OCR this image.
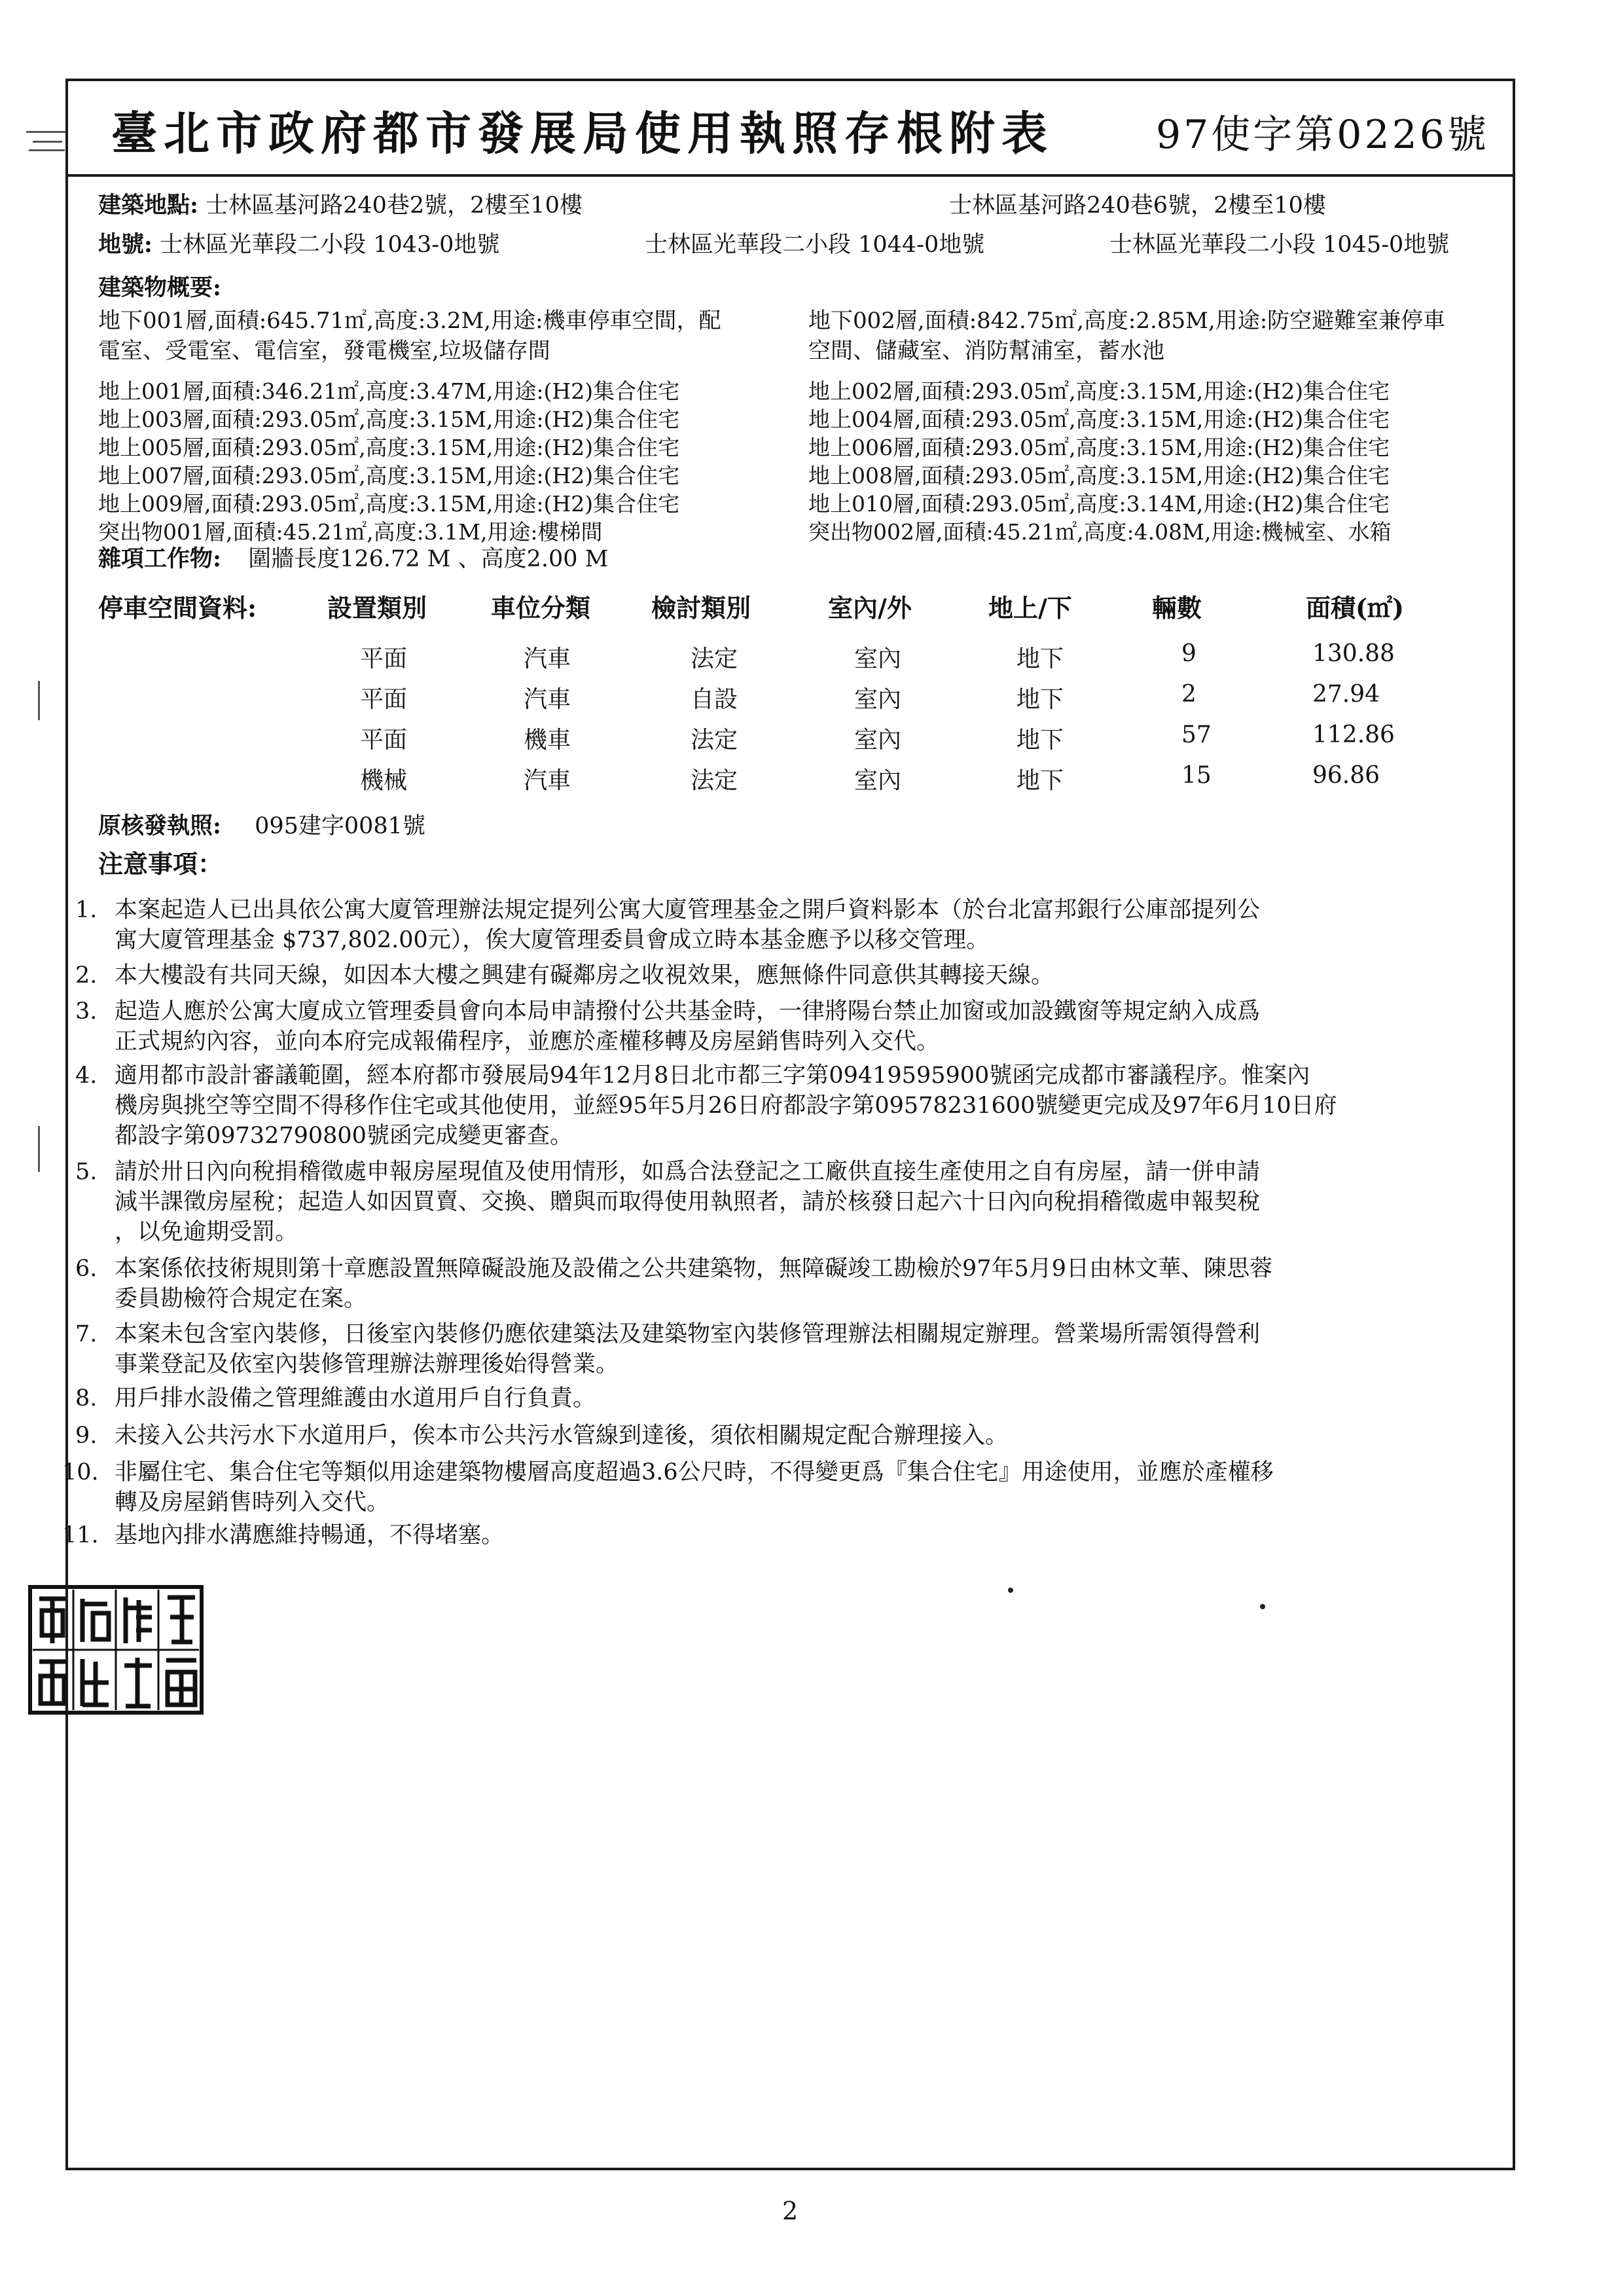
臺北市政府都市發展局使用執照存根附表	97使字第0226號
建築地點: 士林區基河路240巷2號，2樓至10樓	士林區基河路240巷6號，2樓至10樓
地號: 士林區光華段二小段 1043-0地號	士林區光華段二小段 1044-0地號	士林區光華段二小段 1045-0地號
建築物概要:
地下001層,面積:645.71㎡,高度:3.2M,用途:機車停車空間，配
電室、受電室、電信室，發電機室,垃圾儲存間
地下002層,面積:842.75㎡,高度:2.85M,用途:防空避難室兼停車
空間、儲藏室、消防幫浦室，蓄水池
地上001層,面積:346.21㎡,高度:3.47M,用途:(H2)集合住宅
地上003層,面積:293.05㎡,高度:3.15M,用途:(H2)集合住宅
地上005層,面積:293.05㎡,高度:3.15M,用途:(H2)集合住宅
地上007層,面積:293.05㎡,高度:3.15M,用途:(H2)集合住宅
地上009層,面積:293.05㎡,高度:3.15M,用途:(H2)集合住宅
突出物001層,面積:45.21㎡,高度:3.1M,用途:樓梯間
地上002層,面積:293.05㎡,高度:3.15M,用途:(H2)集合住宅
地上004層,面積:293.05㎡,高度:3.15M,用途:(H2)集合住宅
地上006層,面積:293.05㎡,高度:3.15M,用途:(H2)集合住宅
地上008層,面積:293.05㎡,高度:3.15M,用途:(H2)集合住宅
地上010層,面積:293.05㎡,高度:3.14M,用途:(H2)集合住宅
突出物002層,面積:45.21㎡,高度:4.08M,用途:機械室、水箱
雜項工作物: 圍牆長度126.72 M 、高度2.00 M
停車空間資料:	設置類別	車位分類 檢討類別	室內/外	地上/下	輛數	面積(㎡)
平面	汽車	法定	室內	地下	9	130.88
平面	汽車	自設	室內	地下	2	27.94
平面	機車	法定	室內	地下	57	112.86
機械	汽車	法定	室內	地下	15	96.86
原核發執照: 095建字0081號
注意事項：
1. 本案起造人已出具依公寓大廈管理辦法規定提列公寓大廈管理基金之開戶資料影本（於台北富邦銀行公庫部提列公
寓大廈管理基金 $737,802.00元），俟大廈管理委員會成立時本基金應予以移交管理。
2. 本大樓設有共同天線，如因本大樓之興建有礙鄰房之收視效果，應無條件同意供其轉接天線。
3. 起造人應於公寓大廈成立管理委員會向本局申請撥付公共基金時，一律將陽台禁止加窗或加設鐵窗等規定納入成爲
正式規約內容，並向本府完成報備程序，並應於產權移轉及房屋銷售時列入交代。
4. 適用都市設計審議範圍，經本府都市發展局94年12月8日北市都三字第09419595900號函完成都市審議程序。惟案內
機房與挑空等空間不得移作住宅或其他使用，並經95年5月26日府都設字第09578231600號變更完成及97年6月10日府
都設字第09732790800號函完成變更審查。
5. 請於卅日內向稅捐稽徵處申報房屋現值及使用情形，如爲合法登記之工廠供直接生產使用之自有房屋，請一併申請
減半課徵房屋稅；起造人如因買賣、交換、贈與而取得使用執照者，請於核發日起六十日內向稅捐稽徵處申報契稅
，以免逾期受罰。
6. 本案係依技術規則第十章應設置無障礙設施及設備之公共建築物，無障礙竣工勘檢於97年5月9日由林文華、陳思蓉
委員勘檢符合規定在案。
7. 本案未包含室內裝修，日後室內裝修仍應依建築法及建築物室內裝修管理辦法相關規定辦理。營業場所需領得營利
事業登記及依室內裝修管理辦法辦理後始得營業。
8. 用戶排水設備之管理維護由水道用戶自行負責。
9. 未接入公共污水下水道用戶，俟本市公共污水管線到達後，須依相關規定配合辦理接入。
10. 非屬住宅、集合住宅等類似用途建築物樓層高度超過3.6公尺時，不得變更爲『集合住宅』用途使用，並應於產權移
轉及房屋銷售時列入交代。
11. 基地內排水溝應維持暢通，不得堵塞。
2
